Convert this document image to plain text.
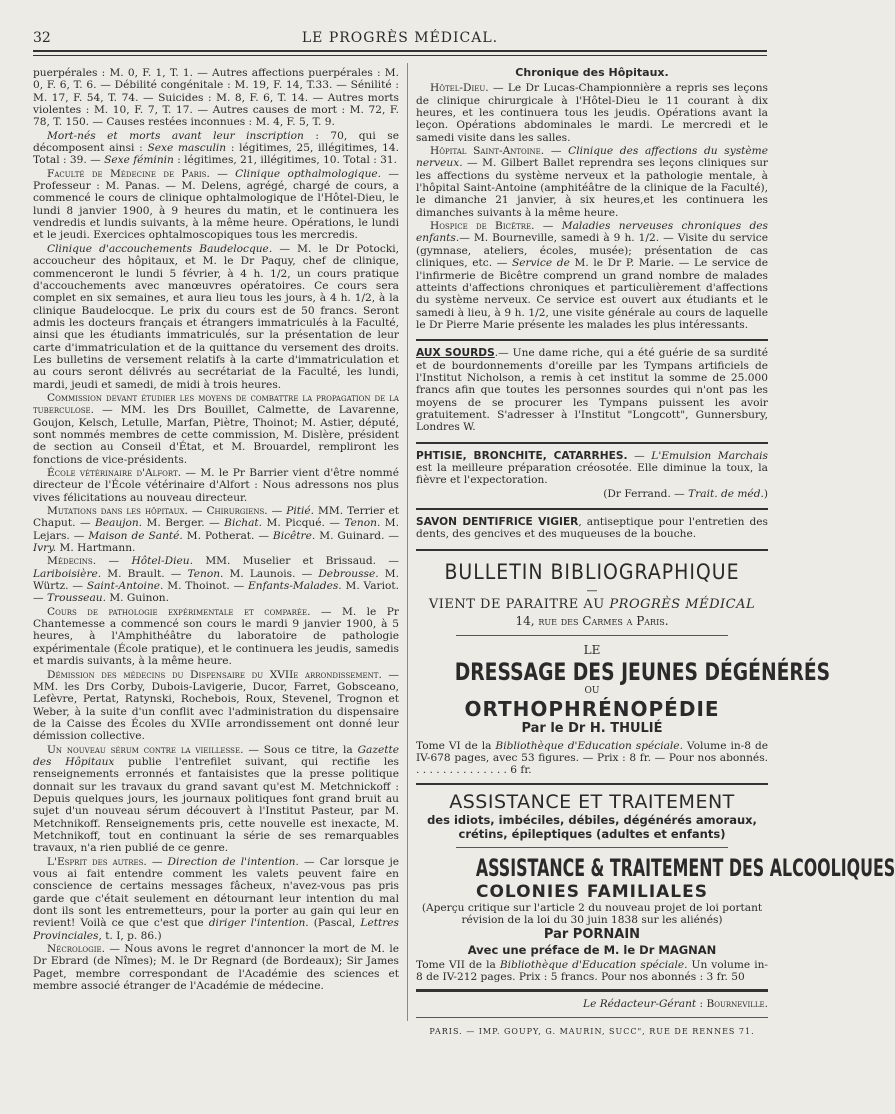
32	LE PROGRÈS MÉDICAL.

puerpérales : M. 0, F. 1, T. 1. — Autres affections puerpérales : M. 0, F. 6, T. 6. — Débilité congénitale : M. 19, F. 14, T.33. — Sénilité : M. 17, F. 54, T. 74. — Suicides : M. 8, F. 6, T. 14. — Autres morts violentes : M. 10, F. 7, T. 17. — Autres causes de mort : M. 72, F. 78, T. 150. — Causes restées inconnues : M. 4, F. 5, T. 9.

Mort-nés et morts avant leur inscription : 70, qui se décomposent ainsi : Sexe masculin : légitimes, 25, illégitimes, 14. Total : 39. — Sexe féminin : légitimes, 21, illégitimes, 10. Total : 31.

Faculté de Médecine de Paris. — Clinique opthalmologique. — Professeur : M. Panas. — M. Delens, agrégé, chargé de cours, a commencé le cours de clinique ophtalmologique de l'Hôtel-Dieu, le lundi 8 janvier 1900, à 9 heures du matin, et le continuera les vendredis et lundis suivants, à la même heure. Opérations, le lundi et le jeudi. Exercices ophtalmoscopiques tous les mercredis.

Clinique d'accouchements Baudelocque. — M. le Dr Potocki, accoucheur des hôpitaux, et M. le Dr Paquy, chef de clinique, commenceront le lundi 5 février, à 4 h. 1/2, un cours pratique d'accouchements avec manœuvres opératoires. Ce cours sera complet en six semaines, et aura lieu tous les jours, à 4 h. 1/2, à la clinique Baudelocque. Le prix du cours est de 50 francs. Seront admis les docteurs français et étrangers immatriculés à la Faculté, ainsi que les étudiants immatriculés, sur la présentation de leur carte d'immatriculation et de la quittance du versement des droits. Les bulletins de versement relatifs à la carte d'immatriculation et au cours seront délivrés au secrétariat de la Faculté, les lundi, mardi, jeudi et samedi, de midi à trois heures.

Commission devant étudier les moyens de combattre la propagation de la tuberculose. — MM. les Drs Bouillet, Calmette, de Lavarenne, Goujon, Kelsch, Letulle, Marfan, Piètre, Thoinot; M. Astier, député, sont nommés membres de cette commission, M. Dislère, président de section au Conseil d'État, et M. Brouardel, rempliront les fonctions de vice-présidents.

École vétérinaire d'Alfort. — M. le Pr Barrier vient d'être nommé directeur de l'École vétérinaire d'Alfort : Nous adressons nos plus vives félicitations au nouveau directeur.

Mutations dans les hôpitaux. — Chirurgiens. — Pitié. MM. Terrier et Chaput. — Beaujon. M. Berger. — Bichat. M. Picqué. — Tenon. M. Lejars. — Maison de Santé. M. Potherat. — Bicêtre. M. Guinard. — Ivry. M. Hartmann.

Médecins. — Hôtel-Dieu. MM. Muselier et Brissaud. — Lariboisière. M. Brault. — Tenon. M. Launois. — Debrousse. M. Würtz. — Saint-Antoine. M. Thoinot. — Enfants-Malades. M. Variot. — Trousseau. M. Guinon.

Cours de pathologie expérimentale et comparée. — M. le Pr Chantemesse a commencé son cours le mardi 9 janvier 1900, à 5 heures, à l'Amphithéâtre du laboratoire de pathologie expérimentale (École pratique), et le continuera les jeudis, samedis et mardis suivants, à la même heure.

Démission des médecins du Dispensaire du XVIIe arrondissement. — MM. les Drs Corby, Dubois-Lavigerie, Ducor, Farret, Gobsceano, Lefèvre, Pertat, Ratynski, Rochebois, Roux, Stevenel, Trognon et Weber, à la suite d'un conflit avec l'administration du dispensaire de la Caisse des Écoles du XVIIe arrondissement ont donné leur démission collective.

Un nouveau sérum contre la vieillesse. — Sous ce titre, la Gazette des Hôpitaux publie l'entrefilet suivant, qui rectifie les renseignements erronnés et fantaisistes que la presse politique donnait sur les travaux du grand savant qu'est M. Metchnickoff : Depuis quelques jours, les journaux politiques font grand bruit au sujet d'un nouveau sérum découvert à l'Institut Pasteur, par M. Metchnikoff. Renseignements pris, cette nouvelle est inexacte, M. Metchnikoff, tout en continuant la série de ses remarquables travaux, n'a rien publié de ce genre.

L'Esprit des autres. — Direction de l'intention. — Car lorsque je vous ai fait entendre comment les valets peuvent faire en conscience de certains messages fâcheux, n'avez-vous pas pris garde que c'était seulement en détournant leur intention du mal dont ils sont les entremetteurs, pour la porter au gain qui leur en revient! Voilà ce que c'est que diriger l'intention. (Pascal, Lettres Provinciales, t. I, p. 86.)

Nécrologie. — Nous avons le regret d'annoncer la mort de M. le Dr Ebrard (de Nîmes); M. le Dr Regnard (de Bordeaux); Sir James Paget, membre correspondant de l'Académie des sciences et membre associé étranger de l'Académie de médecine.

Chronique des Hôpitaux.

Hôtel-Dieu. — Le Dr Lucas-Championnière a repris ses leçons de clinique chirurgicale à l'Hôtel-Dieu le 11 courant à dix heures, et les continuera tous les jeudis. Opérations avant la leçon. Opérations abdominales le mardi. Le mercredi et le samedi visite dans les salles.

Hôpital Saint-Antoine. — Clinique des affections du système nerveux. — M. Gilbert Ballet reprendra ses leçons cliniques sur les affections du système nerveux et la pathologie mentale, à l'hôpital Saint-Antoine (amphitéâtre de la clinique de la Faculté), le dimanche 21 janvier, à six heures,et les continuera les dimanches suivants à la même heure.

Hospice de Bicêtre. — Maladies nerveuses chroniques des enfants.— M. Bourneville, samedi à 9 h. 1/2. — Visite du service (gymnase, ateliers, écoles, musée); présentation de cas cliniques, etc. — Service de M. le Dr P. Marie. — Le service de l'infirmerie de Bicêtre comprend un grand nombre de malades atteints d'affections chroniques et particulièrement d'affections du système nerveux. Ce service est ouvert aux étudiants et le samedi à lieu, à 9 h. 1/2, une visite générale au cours de laquelle le Dr Pierre Marie présente les malades les plus intéressants.

AUX SOURDS.— Une dame riche, qui a été guérie de sa surdité et de bourdonnements d'oreille par les Tympans artificiels de l'Institut Nicholson, a remis à cet institut la somme de 25.000 francs afin que toutes les personnes sourdes qui n'ont pas les moyens de se procurer les Tympans puissent les avoir gratuitement. S'adresser à l'Institut "Longcott", Gunnersbury, Londres W.

PHTISIE, BRONCHITE, CATARRHES. — L'Emulsion Marchais est la meilleure préparation créosotée. Elle diminue la toux, la fièvre et l'expectoration.

(Dr Ferrand. — Trait. de méd.)

SAVON DENTIFRICE VIGIER, antiseptique pour l'entretien des dents, des gencives et des muqueuses de la bouche.

BULLETIN BIBLIOGRAPHIQUE
—
VIENT DE PARAITRE AU PROGRÈS MÉDICAL
14, rue des Carmes a Paris.
LE
DRESSAGE DES JEUNES DÉGÉNÉRÉS
OU
ORTHOPHRÉNOPÉDIE
Par le Dr H. THULIÉ

Tome VI de la Bibliothèque d'Education spéciale. Volume in-8 de IV-678 pages, avec 53 figures. — Prix : 8 fr. — Pour nos abonnés. . . . . . . . . . . . . . . 6 fr.

ASSISTANCE ET TRAITEMENT
des idiots, imbéciles, débiles, dégénérés amoraux, crétins, épileptiques (adultes et enfants)
ASSISTANCE & TRAITEMENT DES ALCOOLIQUES
COLONIES FAMILIALES
(Aperçu critique sur l'article 2 du nouveau projet de loi portant révision de la loi du 30 juin 1838 sur les aliénés)
Par PORNAIN
Avec une préface de M. le Dr MAGNAN

Tome VII de la Bibliothèque d'Education spéciale. Un volume in-8 de IV-212 pages. Prix : 5 francs. Pour nos abonnés : 3 fr. 50

Le Rédacteur-Gérant : Bourneville.
PARIS. — IMP. GOUPY, G. MAURIN, SUCC", RUE DE RENNES 71.
